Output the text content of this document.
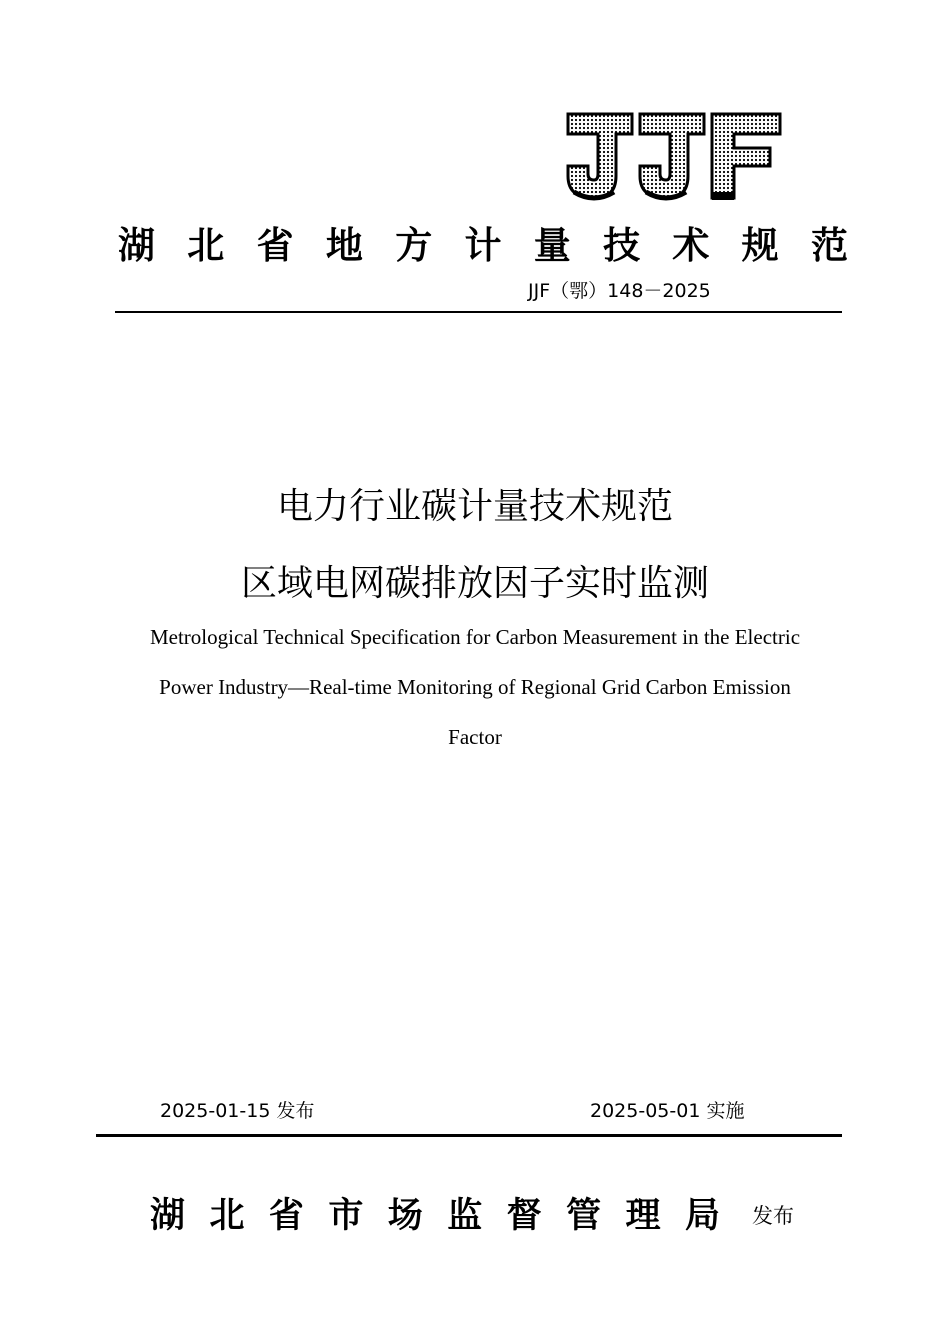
湖 北 省 地 方 计 量 技 术 规 范
JJF（鄂）148－2025
电力行业碳计量技术规范
区域电网碳排放因子实时监测
Metrological Technical Specification for Carbon Measurement in the Electric
Power Industry—Real-time Monitoring of Regional Grid Carbon Emission
Factor
2025-01-15 发布	2025-05-01 实施
湖 北 省 市 场 监 督 管 理 局 发布
